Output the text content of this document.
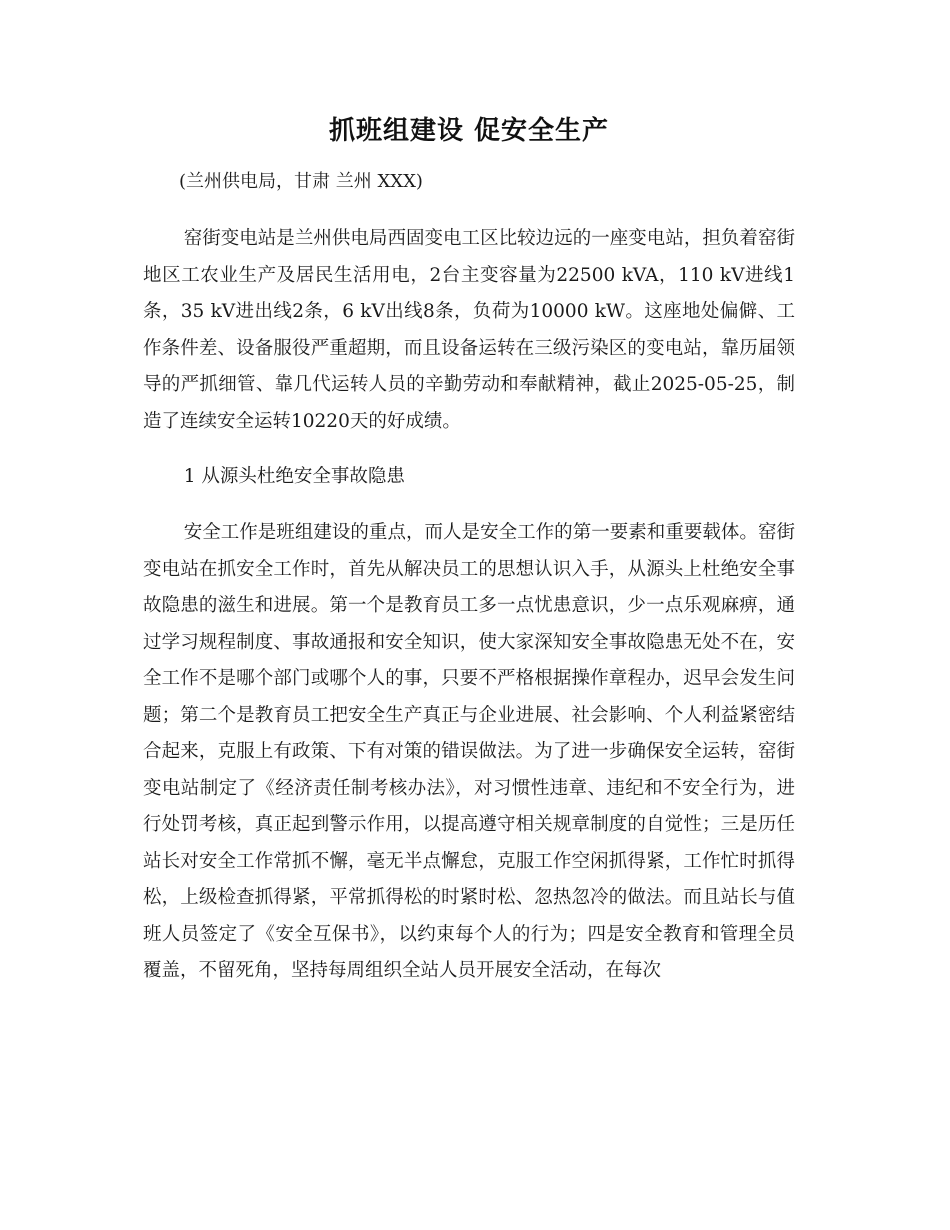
抓班组建设 促安全生产

(兰州供电局，甘肃 兰州 XXX)

窑街变电站是兰州供电局西固变电工区比较边远的一座变电站，担负着窑街地区工农业生产及居民生活用电，2台主变容量为22500 kVA，110 kV进线1条，35 kV进出线2条，6 kV出线8条，负荷为10000 kW。这座地处偏僻、工作条件差、设备服役严重超期，而且设备运转在三级污染区的变电站，靠历届领导的严抓细管、靠几代运转人员的辛勤劳动和奉献精神，截止2025-05-25，制造了连续安全运转10220天的好成绩。

1 从源头杜绝安全事故隐患

安全工作是班组建设的重点，而人是安全工作的第一要素和重要载体。窑街变电站在抓安全工作时，首先从解决员工的思想认识入手，从源头上杜绝安全事故隐患的滋生和进展。第一个是教育员工多一点忧患意识，少一点乐观麻痹，通过学习规程制度、事故通报和安全知识，使大家深知安全事故隐患无处不在，安全工作不是哪个部门或哪个人的事，只要不严格根据操作章程办，迟早会发生问题；第二个是教育员工把安全生产真正与企业进展、社会影响、个人利益紧密结合起来，克服上有政策、下有对策的错误做法。为了进一步确保安全运转，窑街变电站制定了《经济责任制考核办法》，对习惯性违章、违纪和不安全行为，进行处罚考核，真正起到警示作用，以提高遵守相关规章制度的自觉性；三是历任站长对安全工作常抓不懈，毫无半点懈怠，克服工作空闲抓得紧，工作忙时抓得松，上级检查抓得紧，平常抓得松的时紧时松、忽热忽冷的做法。而且站长与值班人员签定了《安全互保书》，以约束每个人的行为；四是安全教育和管理全员覆盖，不留死角，坚持每周组织全站人员开展安全活动，在每次
